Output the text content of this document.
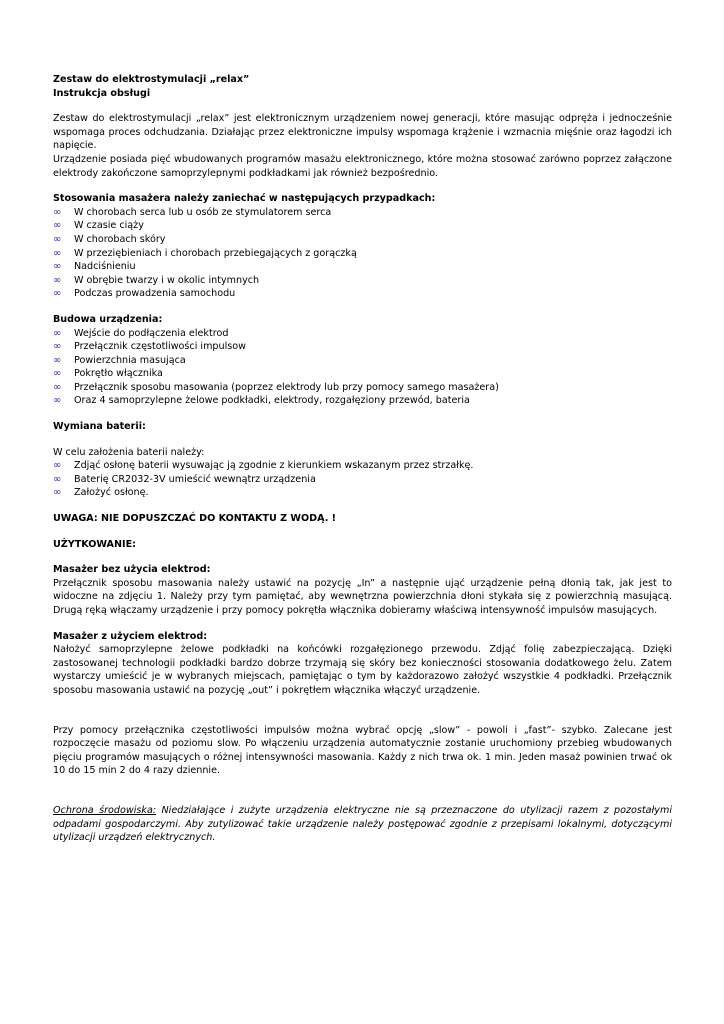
Zestaw do elektrostymulacji „relax”
Instrukcja obsługi

Zestaw do elektrostymulacji „relax” jest elektronicznym urządzeniem nowej generacji, które masując odpręża i jednocześnie wspomaga proces odchudzania. Działając przez elektroniczne impulsy wspomaga krążenie i wzmacnia mięśnie oraz łagodzi ich napięcie.

Urządzenie posiada pięć wbudowanych programów masażu elektronicznego, które można stosować zarówno poprzez załączone elektrody zakończone samoprzylepnymi podkładkami jak również bezpośrednio.

Stosowania masażera należy zaniechać w następujących przypadkach:
∞ W chorobach serca lub u osób ze stymulatorem serca
∞ W czasie ciąży
∞ W chorobach skóry
∞ W przeziębieniach i chorobach przebiegających z gorączką
∞ Nadciśnieniu
∞ W obrębie twarzy i w okolic intymnych
∞ Podczas prowadzenia samochodu
Budowa urządzenia:
∞ Wejście do podłączenia elektrod
∞ Przełącznik częstotliwości impulsow
∞ Powierzchnia masująca
∞ Pokrętło włącznika
∞ Przełącznik sposobu masowania (poprzez elektrody lub przy pomocy samego masażera)
∞ Oraz 4 samoprzylepne żelowe podkładki, elektrody, rozgałęziony przewód, bateria
Wymiana baterii:
W celu założenia baterii należy:
∞ Zdjąć osłonę baterii wysuwając ją zgodnie z kierunkiem wskazanym przez strzałkę.
∞ Baterię CR2032-3V umieścić wewnątrz urządzenia
∞ Założyć osłonę.
UWAGA: NIE DOPUSZCZAĆ DO KONTAKTU Z WODĄ. !
UŻYTKOWANIE:
Masażer bez użycia elektrod:

Przełącznik sposobu masowania należy ustawić na pozycję „In” a następnie ująć urządzenie pełną dłonią tak, jak jest to widoczne na zdjęciu 1. Należy przy tym pamiętać, aby wewnętrzna powierzchnia dłoni stykała się z powierzchnią masującą. Drugą ręką włączamy urządzenie i przy pomocy pokrętła włącznika dobieramy właściwą intensywność impulsów masujących.

Masażer z użyciem elektrod:

Nałożyć samoprzylepne żelowe podkładki na końcówki rozgałęzionego przewodu. Zdjąć folię zabezpieczającą. Dzięki zastosowanej technologii podkładki bardzo dobrze trzymają się skóry bez konieczności stosowania dodatkowego żelu. Zatem wystarczy umieścić je w wybranych miejscach, pamiętając o tym by każdorazowo założyć wszystkie 4 podkładki. Przełącznik sposobu masowania ustawić na pozycję „out” i pokrętłem włącznika włączyć urządzenie.

Przy pomocy przełącznika częstotliwości impulsów można wybrać opcję „slow” - powoli i „fast”- szybko. Zalecane jest rozpoczęcie masażu od poziomu slow. Po włączeniu urządzenia automatycznie zostanie uruchomiony przebieg wbudowanych pięciu programów masujących o różnej intensywności masowania. Każdy z nich trwa ok. 1 min. Jeden masaż powinien trwać ok 10 do 15 min 2 do 4 razy dziennie.

Ochrona środowiska: Niedziałające i zużyte urządzenia elektryczne nie są przeznaczone do utylizacji razem z pozostałymi odpadami gospodarczymi. Aby zutylizować takie urządzenie należy postępować zgodnie z przepisami lokalnymi, dotyczącymi utylizacji urządzeń elektrycznych.
